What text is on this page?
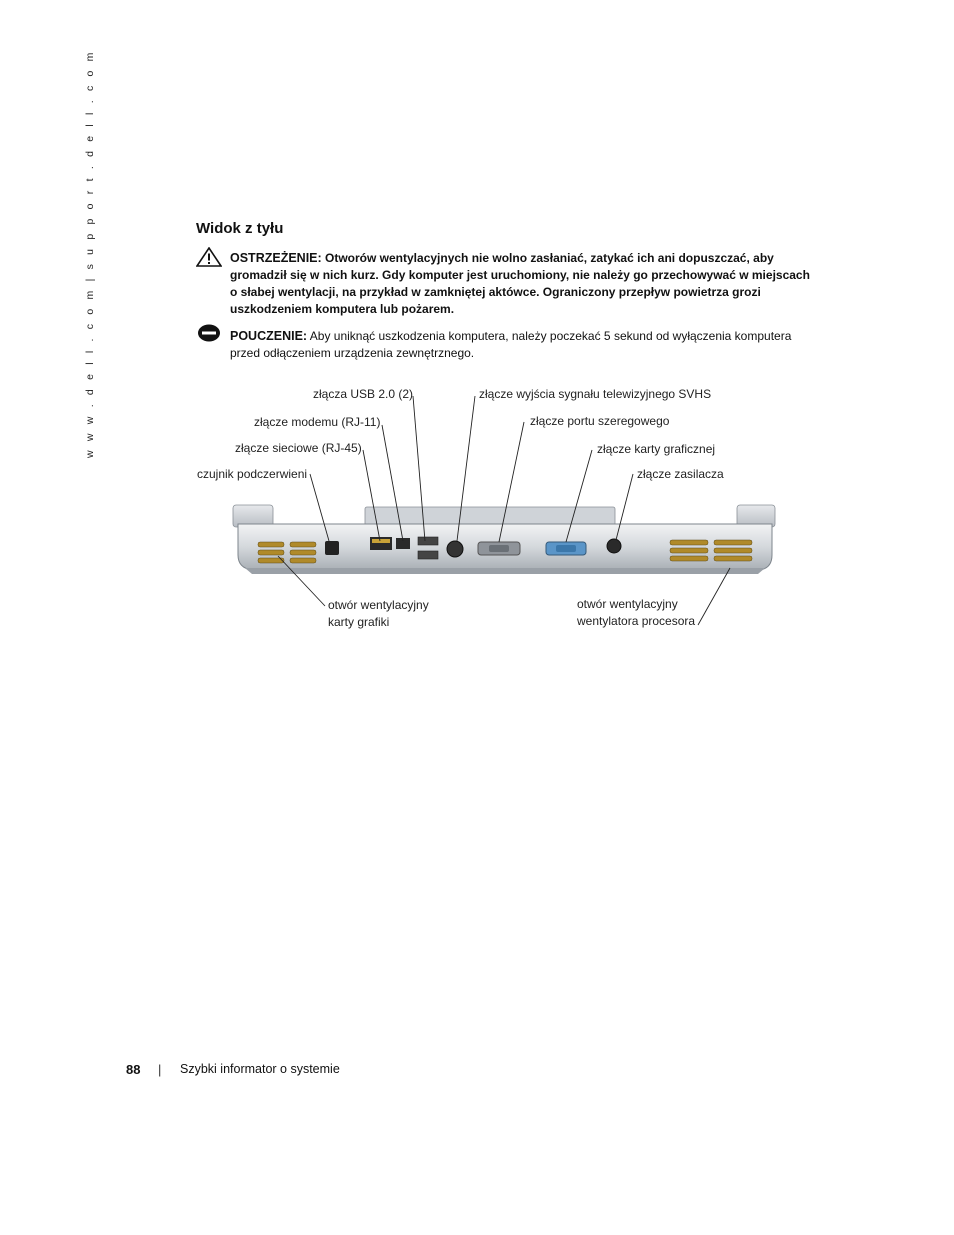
w w w . d e l l . c o m | s u p p o r t . d e l l . c o m	Widok z tyłu
OSTRZEŻENIE: Otworów wentylacyjnych nie wolno zasłaniać, zatykać ich ani dopuszczać, aby gromadził się w nich kurz. Gdy komputer jest uruchomiony, nie należy go przechowywać w miejscach o słabej wentylacji, na przykład w zamkniętej aktówce. Ograniczony przepływ powietrza grozi uszkodzeniem komputera lub pożarem.
POUCZENIE: Aby uniknąć uszkodzenia komputera, należy poczekać 5 sekund od wyłączenia komputera przed odłączeniem urządzenia zewnętrznego.
złącza USB 2.0 (2)
złącze modemu (RJ-11)
złącze sieciowe (RJ-45)
czujnik podczerwieni
złącze wyjścia sygnału telewizyjnego SVHS
złącze portu szeregowego
złącze karty graficznej
złącze zasilacza
otwór wentylacyjny
karty grafiki
otwór wentylacyjny
wentylatora procesora
88 | Szybki informator o systemie
